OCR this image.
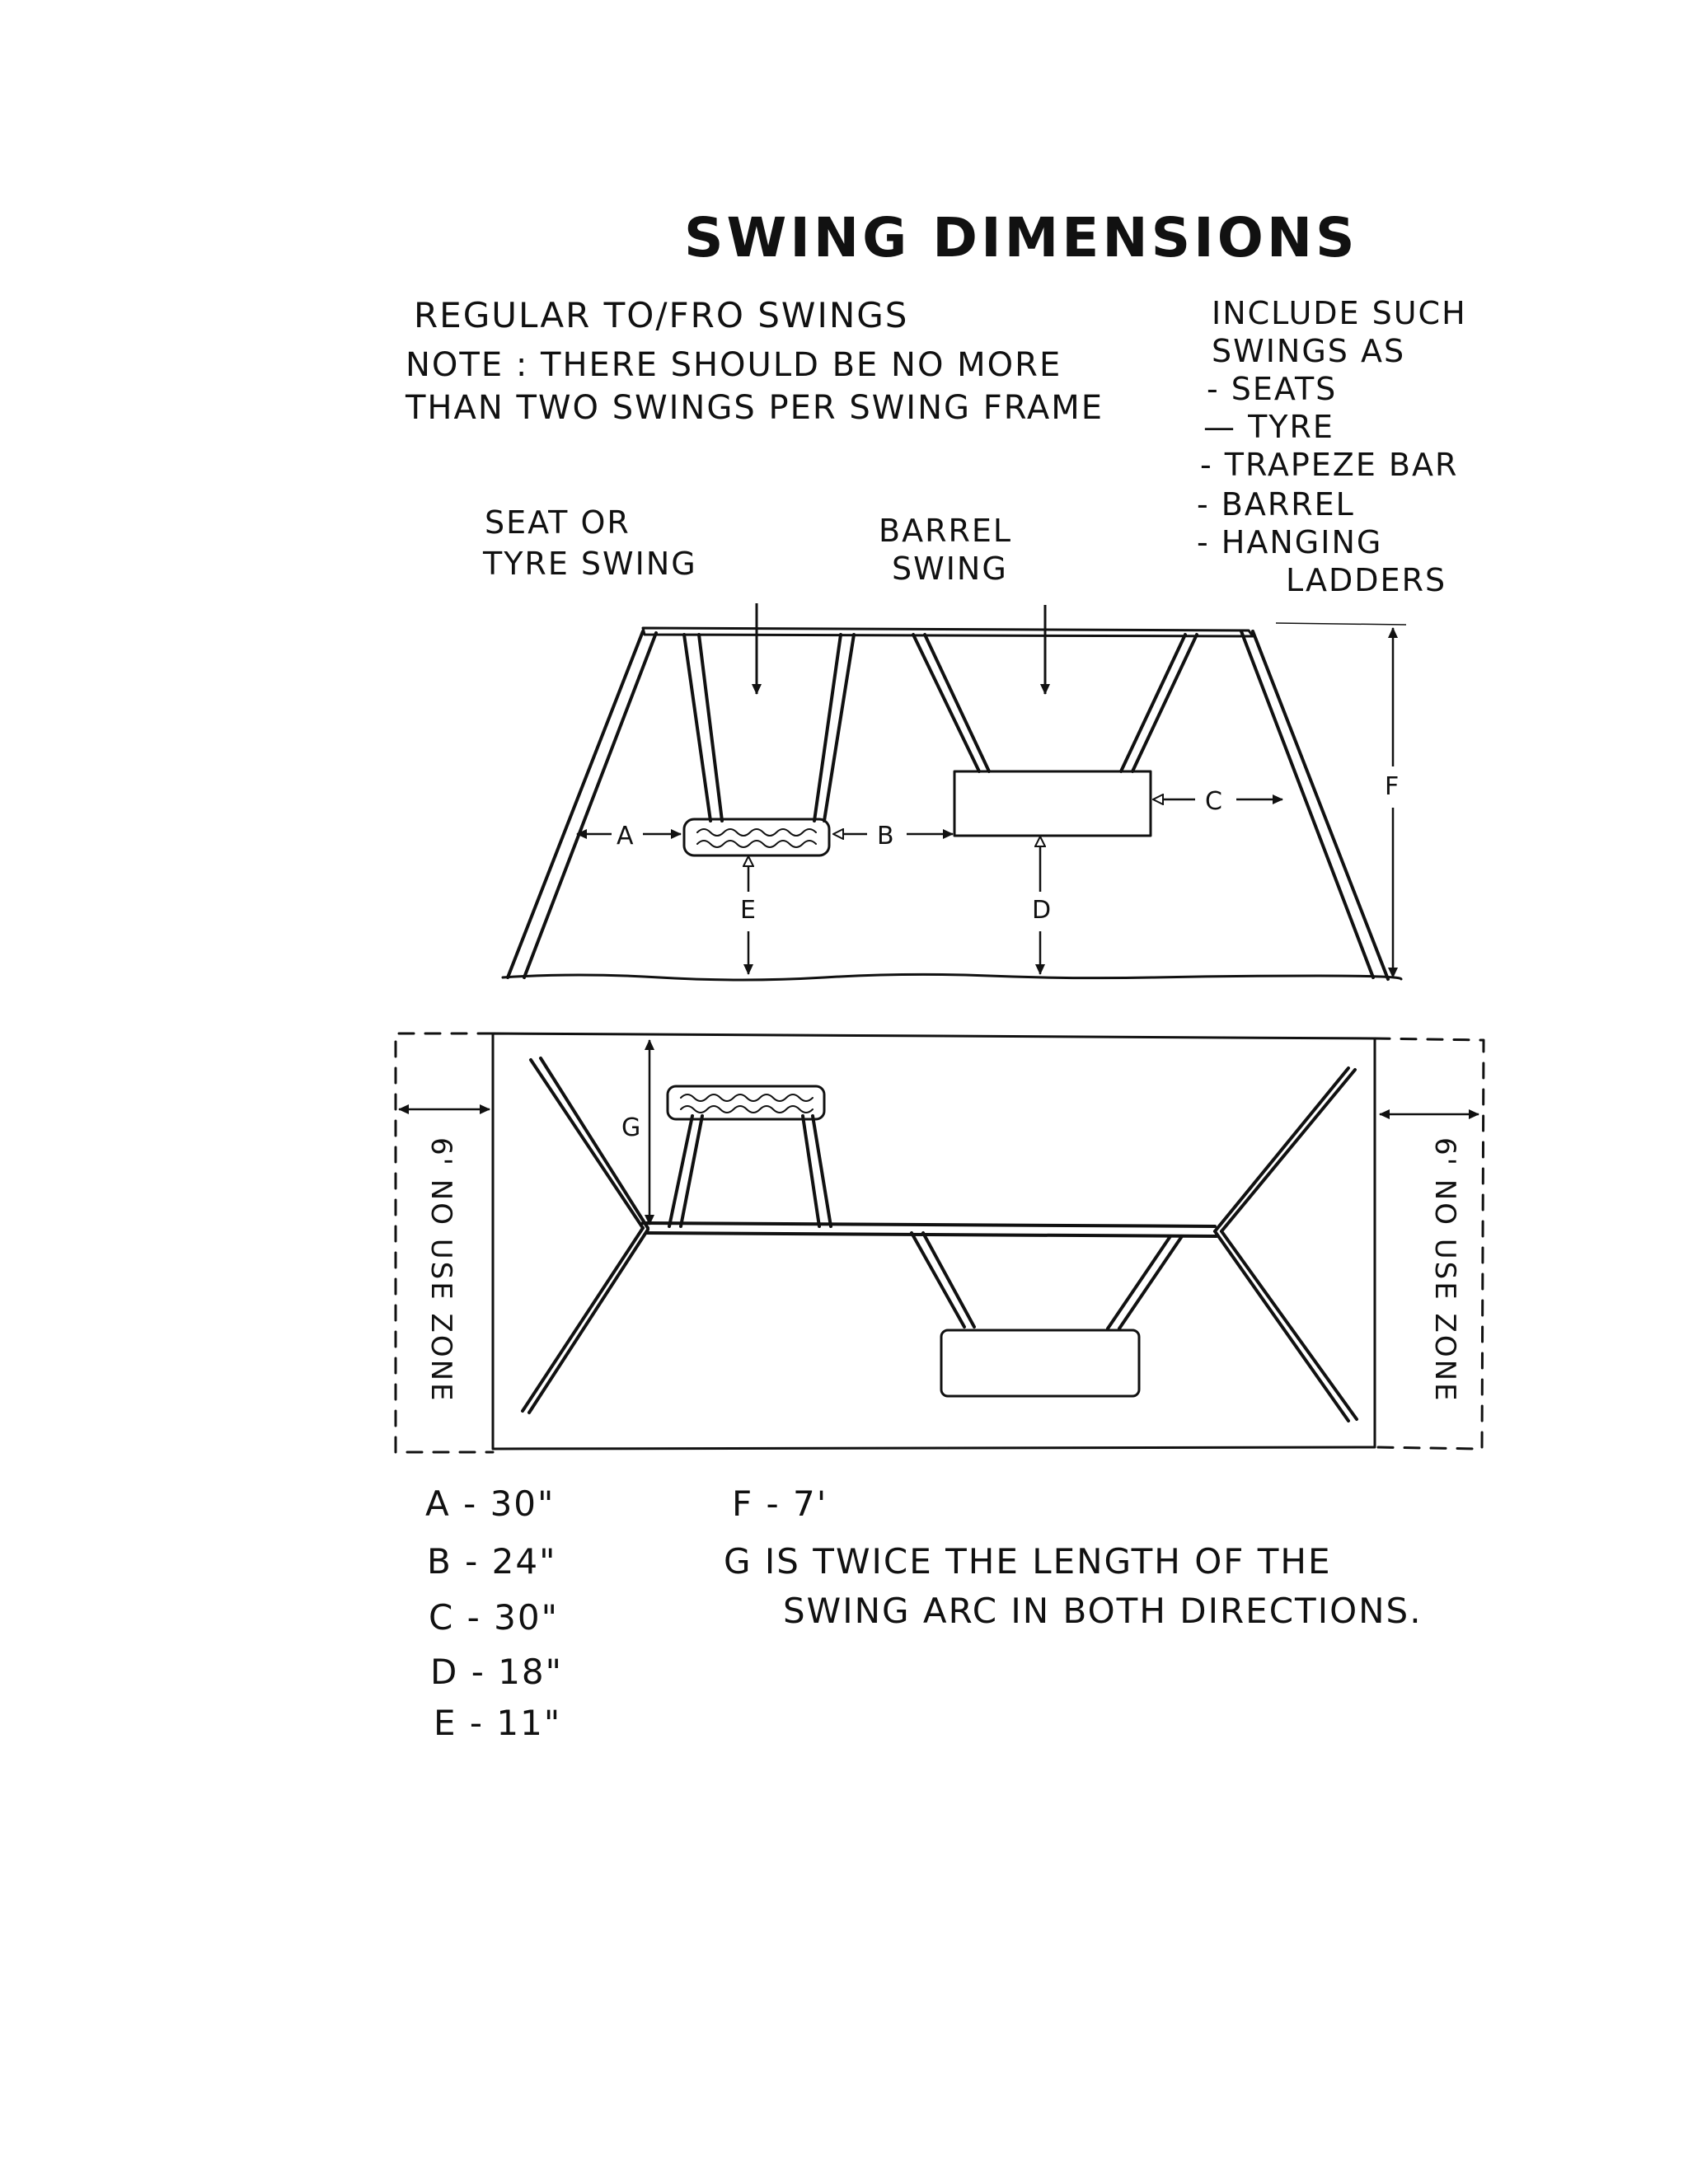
SWING DIMENSIONS
REGULAR TO/FRO SWINGS
NOTE : THERE SHOULD BE NO MORE
THAN TWO SWINGS PER SWING FRAME
INCLUDE SUCH
SWINGS AS
- SEATS
— TYRE
- TRAPEZE BAR
- BARREL
- HANGING
LADDERS
SEAT OR
TYRE SWING
BARREL
SWING
A	B
C
D
E
F
G
6' NO USE ZONE	6' NO USE ZONE
A - 30"
B - 24"
C - 30"
D - 18"
E - 11"
F - 7'
G IS TWICE THE LENGTH OF THE
SWING ARC IN BOTH DIRECTIONS.
